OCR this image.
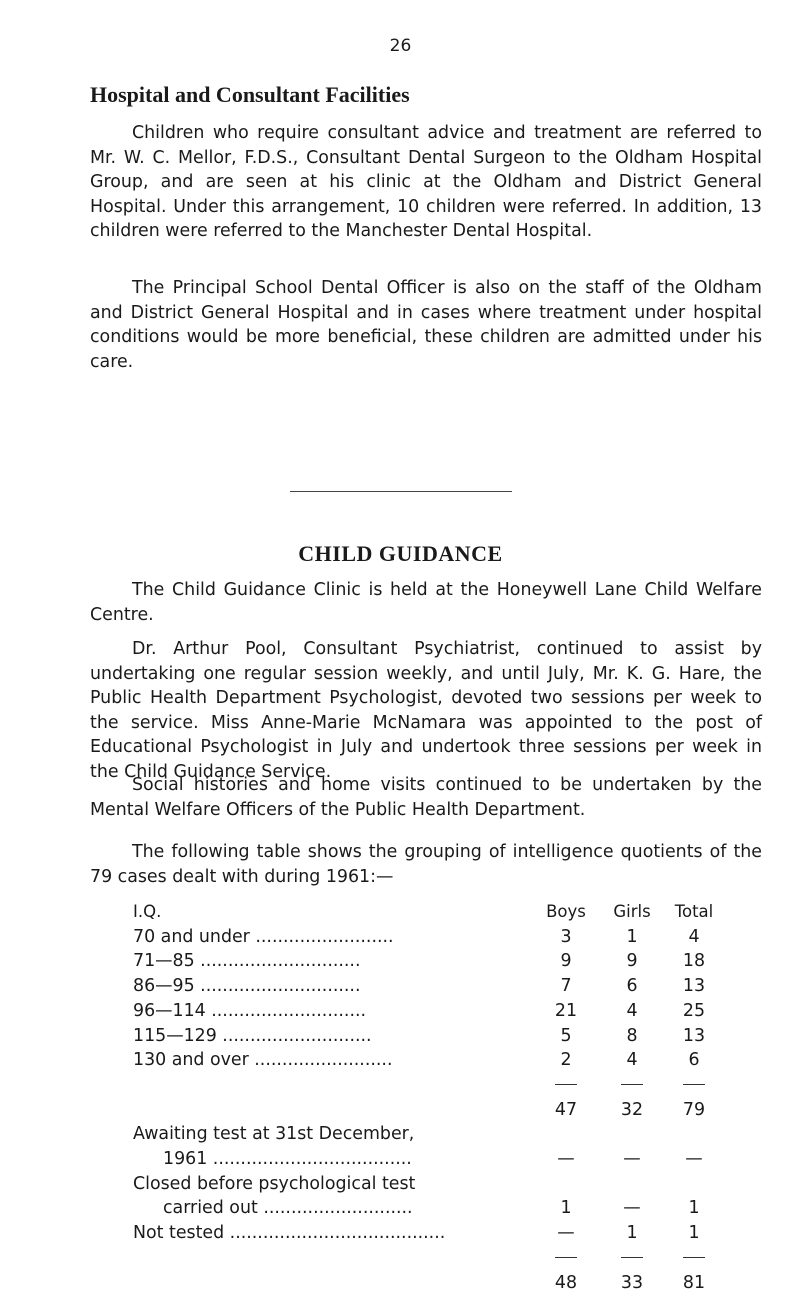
26
Hospital and Consultant Facilities

Children who require consultant advice and treatment are referred to Mr. W. C. Mellor, F.D.S., Consultant Dental Surgeon to the Oldham Hospital Group, and are seen at his clinic at the Oldham and District General Hospital. Under this arrangement, 10 children were referred. In addition, 13 children were referred to the Manchester Dental Hospital.

The Principal School Dental Officer is also on the staff of the Oldham and District General Hospital and in cases where treatment under hospital conditions would be more beneficial, these children are admitted under his care.

CHILD GUIDANCE

The Child Guidance Clinic is held at the Honeywell Lane Child Welfare Centre.

Dr. Arthur Pool, Consultant Psychiatrist, continued to assist by undertaking one regular session weekly, and until July, Mr. K. G. Hare, the Public Health Department Psychologist, devoted two sessions per week to the service. Miss Anne-Marie McNamara was appointed to the post of Educational Psychologist in July and undertook three sessions per week in the Child Guidance Service.

Social histories and home visits continued to be undertaken by the Mental Welfare Officers of the Public Health Department.

The following table shows the grouping of intelligence quotients of the 79 cases dealt with during 1961:—

I.Q.	Boys	Girls	Total
70 and under .........................	3	1	4
71—85 .............................	9	9	18
86—95 .............................	7	6	13
96—114 ............................	21	4	25
115—129 ...........................	5	8	13
130 and over .........................	2	4	6

	47	32	79
Awaiting test at 31st December,			
1961 ....................................	—	—	—
Closed before psychological test			
carried out ...........................	1	—	1
Not tested .......................................	—	1	1

	48	33	81
